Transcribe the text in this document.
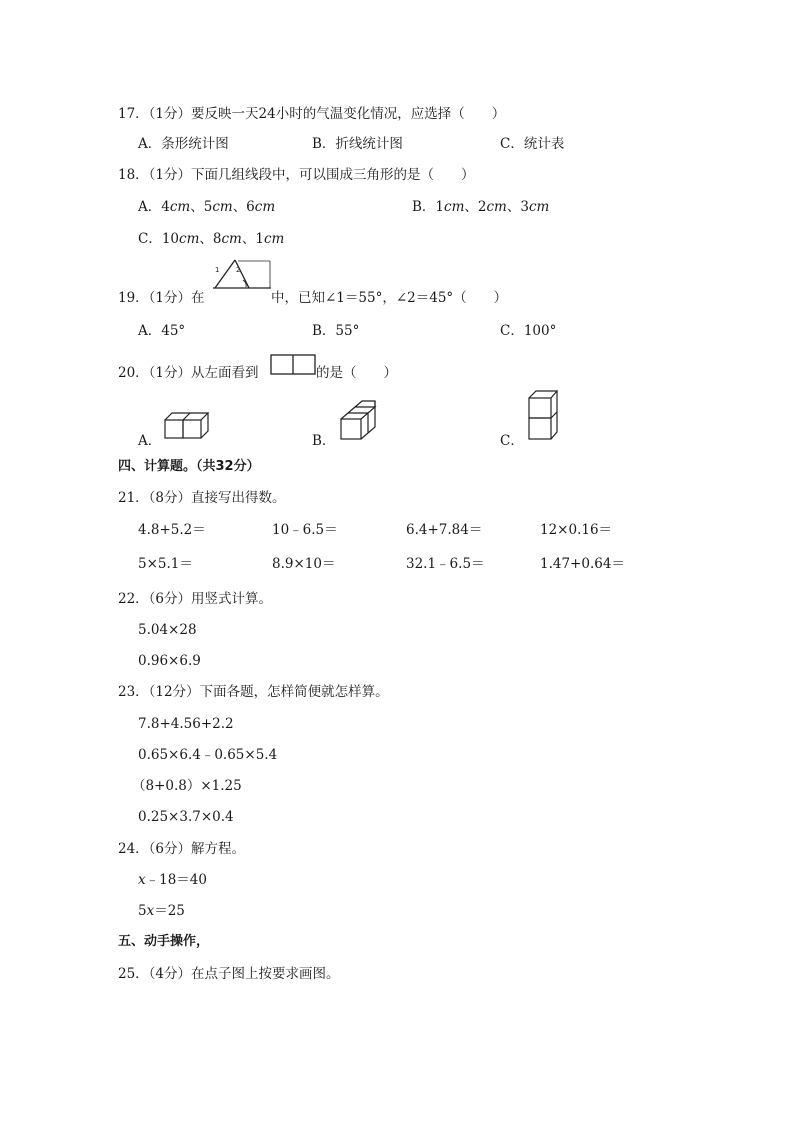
17．（1分）要反映一天24小时的气温变化情况，应选择（　　）
A．条形统计图	B．折线统计图	C．统计表
18．（1分）下面几组线段中，可以围成三角形的是（　　）
A．4cm、5cm、6cm	B．1cm、2cm、3cm
C．10cm、8cm、1cm
19．（1分）在
1 2
中，已知∠1＝55°，∠2＝45°（　　）
A．45°	B．55°	C．100°
20．（1分）从左面看到	的是（　　）
A．	B．	C．
四、计算题。（共32分）
21．（8分）直接写出得数。
4.8+5.2＝	10﹣6.5＝	6.4+7.84＝	12×0.16＝
5×5.1＝	8.9×10＝	32.1﹣6.5＝	1.47+0.64＝
22．（6分）用竖式计算。
5.04×28
0.96×6.9
23．（12分）下面各题，怎样简便就怎样算。
7.8+4.56+2.2
0.65×6.4﹣0.65×5.4
（8+0.8）×1.25
0.25×3.7×0.4
24．（6分）解方程。
x﹣18＝40
5x＝25
五、动手操作，
25．（4分）在点子图上按要求画图。
